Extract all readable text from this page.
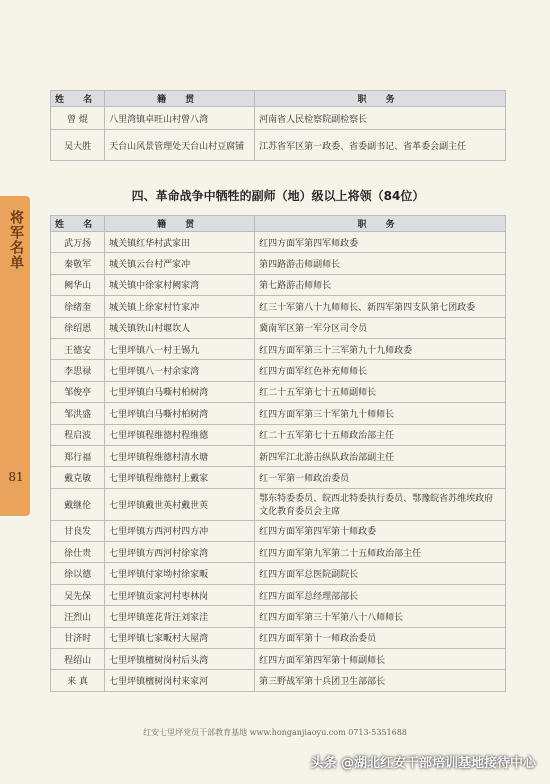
将军名单
81
姓 名	籍 贯	职 务
曾 焜	八里湾镇卓旺山村曾八湾	河南省人民检察院副检察长
吴大胜	天台山风景管理处天台山村豆腐铺	江苏省军区第一政委、省委副书记、省革委会副主任
四、革命战争中牺牲的副师（地）级以上将领（84位）
姓 名	籍 贯	职 务
武万扬	城关镇红华村武家田	红四方面军第四军师政委
秦敬军	城关镇云台村严家冲	第四路游击师副师长
阙华山	城关镇中徐家村阙家湾	第七路游击师师长
徐绪奎	城关镇上徐家村竹家冲	红三十军第八十九师师长、新四军第四支队第七团政委
徐绍恩	城关镇铁山村堰坎人	冀南军区第一军分区司令员
王德安	七里坪镇八一村王锡九	红四方面军第三十三军第九十九师政委
李思禄	七里坪镇八一村余家湾	红四方面军红色补充师师长
邹俊亭	七里坪镇白马嘶村柏树湾	红二十五军第七十五师副师长
邹洪盛	七里坪镇白马嘶村柏树湾	红四方面军第三十军第九十师师长
程启波	七里坪镇程维德村程维德	红二十五军第七十五师政治部主任
郑行福	七里坪镇程维德村清水塘	新四军江北游击纵队政治部副主任
戴克敏	七里坪镇程维德村上戴家	红一军第一师政治委员
戴继伦	七里坪镇戴世英村戴世英	鄂东特委委员、皖西北特委执行委员、鄂豫皖省苏维埃政府文化教育委员会主席
甘良发	七里坪镇方西河村四方冲	红四方面军第四军第十师政委
徐仕贵	七里坪镇方西河村徐家湾	红四方面军第九军第二十五师政治部主任
徐以德	七里坪镇付家坳村徐家畈	红四方面军总医院副院长
吴先保	七里坪镇贡家河村枣林岗	红四方面军总经理部部长
汪烈山	七里坪镇莲花背汪刘家洼	红四方面军第三十军第八十八师师长
甘济时	七里坪镇七家畈村大屋湾	红四方面军第十一师政治委员
程绍山	七里坪镇檀树岗村后头湾	红四方面军第四军第十师副师长
来 真	七里坪镇檀树岗村来家河	第三野战军第十兵团卫生部部长
红安七里坪党员干部教育基地 www.honganjiaoyu.com 0713-5351688
头条 @湖北红安干部培训基地接待中心
